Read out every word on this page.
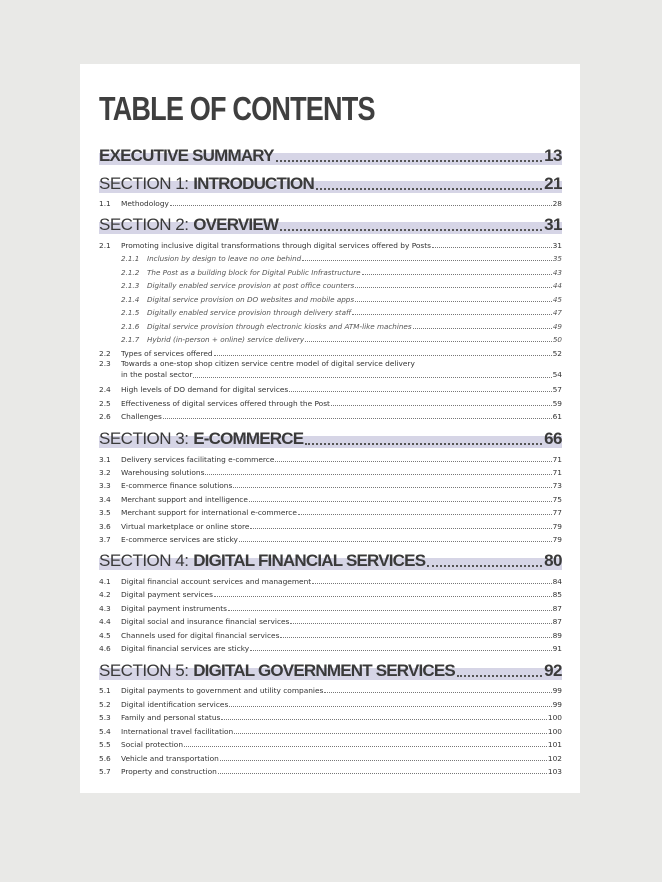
TABLE OF CONTENTS
EXECUTIVE SUMMARY	13
SECTION 1: INTRODUCTION	21
1.1	Methodology	28
SECTION 2: OVERVIEW	31
2.1	Promoting inclusive digital transformations through digital services offered by Posts	31
2.1.1	Inclusion by design to leave no one behind	35
2.1.2	The Post as a building block for Digital Public Infrastructure	43
2.1.3	Digitally enabled service provision at post office counters	44
2.1.4	Digital service provision on DO websites and mobile apps	45
2.1.5	Digitally enabled service provision through delivery staff	47
2.1.6	Digital service provision through electronic kiosks and ATM-like machines	49
2.1.7	Hybrid (in-person + online) service delivery	50
2.2	Types of services offered	52
2.3	Towards a one-stop shop citizen service centre model of digital service delivery
in the postal sector	54
2.4	High levels of DO demand for digital services	57
2.5	Effectiveness of digital services offered through the Post	59
2.6	Challenges	61
SECTION 3: E-COMMERCE	66
3.1	Delivery services facilitating e-commerce	71
3.2	Warehousing solutions	71
3.3	E-commerce finance solutions	73
3.4	Merchant support and intelligence	75
3.5	Merchant support for international e-commerce	77
3.6	Virtual marketplace or online store	79
3.7	E-commerce services are sticky	79
SECTION 4: DIGITAL FINANCIAL SERVICES	80
4.1	Digital financial account services and management	84
4.2	Digital payment services	85
4.3	Digital payment instruments	87
4.4	Digital social and insurance financial services	87
4.5	Channels used for digital financial services	89
4.6	Digital financial services are sticky	91
SECTION 5: DIGITAL GOVERNMENT SERVICES	92
5.1	Digital payments to government and utility companies	99
5.2	Digital identification services	99
5.3	Family and personal status	100
5.4	International travel facilitation	100
5.5	Social protection	101
5.6	Vehicle and transportation	102
5.7	Property and construction	103
